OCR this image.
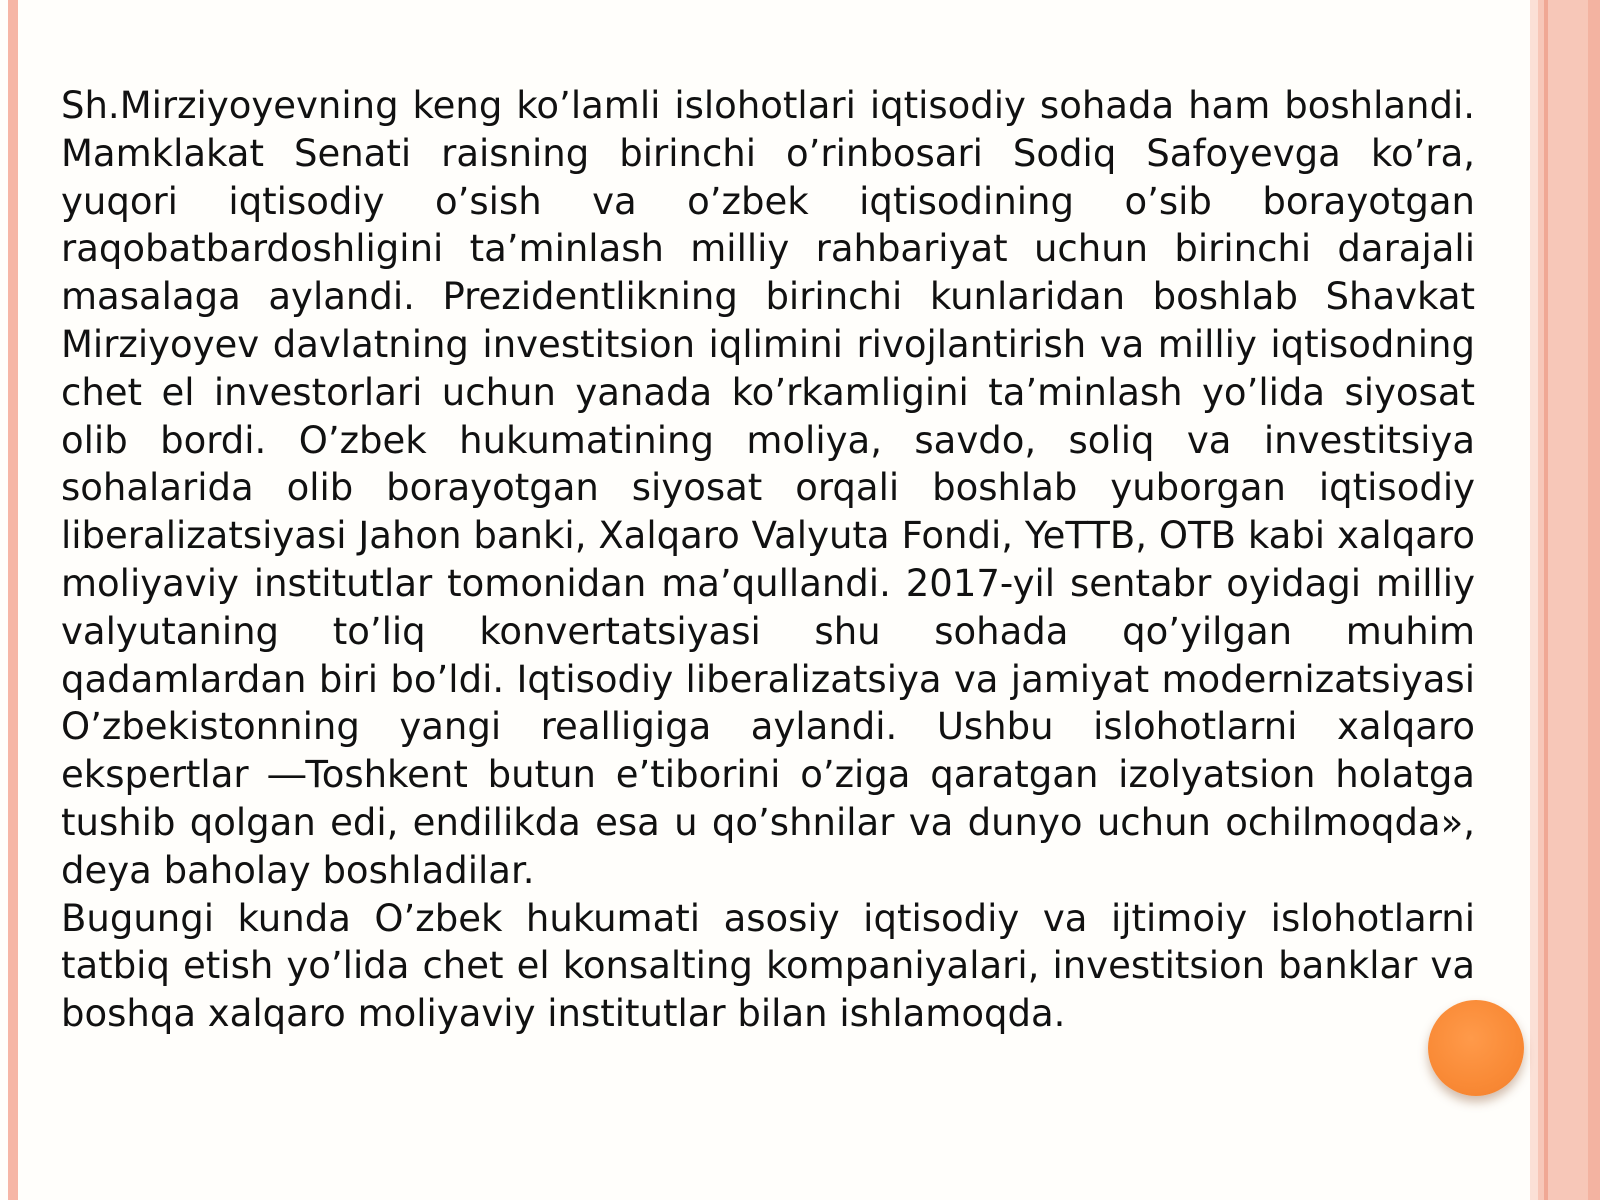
Sh.Mirziyoyevning keng ko’lamli islohotlari iqtisodiy sohada ham boshlandi. Mamklakat Senati raisning birinchi o’rinbosari Sodiq Safoyevga ko’ra, yuqori iqtisodiy o’sish va o’zbek iqtisodining o’sib borayotgan raqobatbardoshligini ta’minlash milliy rahbariyat uchun birinchi darajali masalaga aylandi. Prezidentlikning birinchi kunlaridan boshlab Shavkat Mirziyoyev davlatning investitsion iqlimini rivojlantirish va milliy iqtisodning chet el investorlari uchun yanada ko’rkamligini ta’minlash yo’lida siyosat olib bordi. O’zbek hukumatining moliya, savdo, soliq va investitsiya sohalarida olib borayotgan siyosat orqali boshlab yuborgan iqtisodiy liberalizatsiyasi Jahon banki, Xalqaro Valyuta Fondi, YeTTB, OTB kabi xalqaro moliyaviy institutlar tomonidan ma’qullandi. 2017-yil sentabr oyidagi milliy valyutaning to’liq konvertatsiyasi shu sohada qo’yilgan muhim qadamlardan biri bo’ldi. Iqtisodiy liberalizatsiya va jamiyat modernizatsiyasi O’zbekistonning yangi realligiga aylandi. Ushbu islohotlarni xalqaro ekspertlar ―Toshkent butun e’tiborini o’ziga qaratgan izolyatsion holatga tushib qolgan edi, endilikda esa u qo’shnilar va dunyo uchun ochilmoqda», deya baholay boshladilar.

Bugungi kunda O’zbek hukumati asosiy iqtisodiy va ijtimoiy islohotlarni tatbiq etish yo’lida chet el konsalting kompaniyalari, investitsion banklar va boshqa xalqaro moliyaviy institutlar bilan ishlamoqda.
